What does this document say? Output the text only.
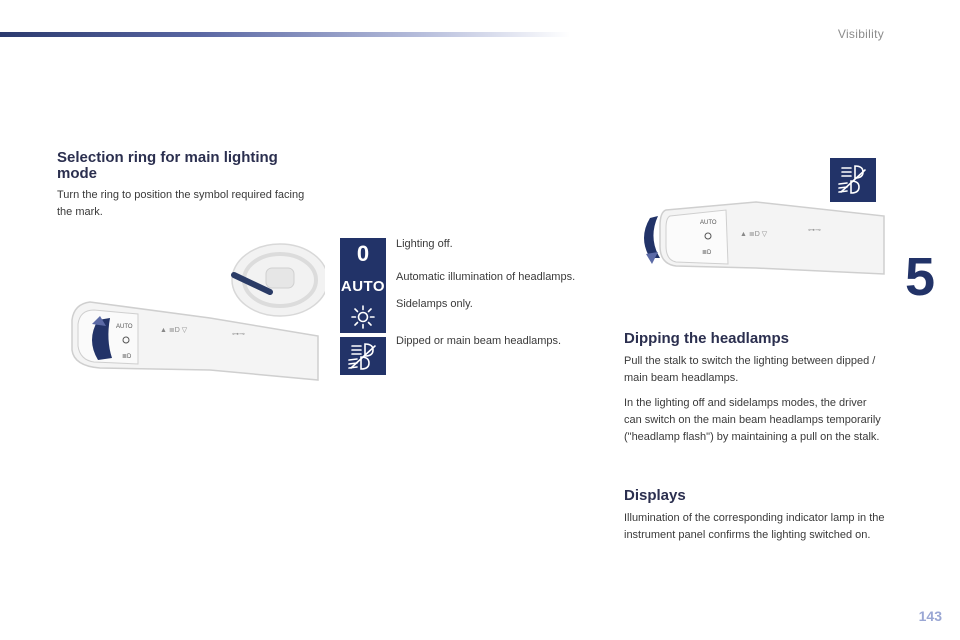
Visibility
5
143
Selection ring for main lighting mode

Turn the ring to position the symbol required facing the mark.

AUTO
≣D
▲ ≣D ▽
⊶⊸
0 Lighting off.
AUTO
Automatic illumination of headlamps.
Sidelamps only.
Dipped or main beam headlamps.
AUTO
≣D
▲ ≣D ▽
⊶⊸
Dipping the headlamps

Pull the stalk to switch the lighting between dipped / main beam headlamps.

In the lighting off and sidelamps modes, the driver can switch on the main beam headlamps temporarily ("headlamp flash") by maintaining a pull on the stalk.

Displays

Illumination of the corresponding indicator lamp in the instrument panel confirms the lighting switched on.
